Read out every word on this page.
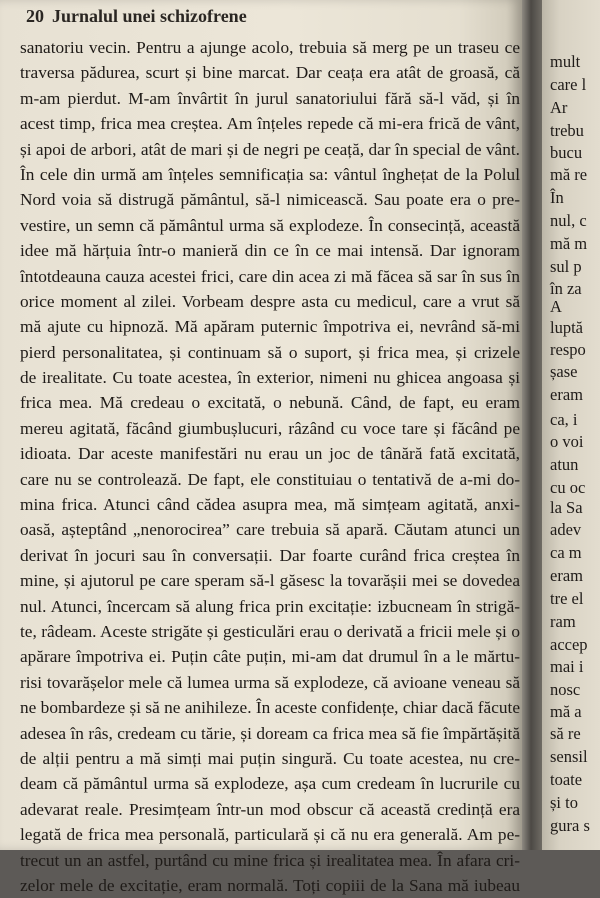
20 Jurnalul unei schizofrene
sanatoriu vecin. Pentru a ajunge acolo, trebuia să merg pe un traseu ce
traversa pădurea, scurt și bine marcat. Dar ceața era atât de groasă, că
m-am pierdut. M-am învârtit în jurul sanatoriului fără să-l văd, și în
acest timp, frica mea creștea. Am înțeles repede că mi-era frică de vânt,
și apoi de arbori, atât de mari și de negri pe ceață, dar în special de vânt.
În cele din urmă am înțeles semnificația sa: vântul înghețat de la Polul
Nord voia să distrugă pământul, să-l nimicească. Sau poate era o pre-
vestire, un semn că pământul urma să explodeze. În consecință, această
idee mă hărțuia într-o manieră din ce în ce mai intensă. Dar ignoram
întotdeauna cauza acestei frici, care din acea zi mă făcea să sar în sus în
orice moment al zilei. Vorbeam despre asta cu medicul, care a vrut să
mă ajute cu hipnoză. Mă apăram puternic împotriva ei, nevrând să-mi
pierd personalitatea, și continuam să o suport, și frica mea, și crizele
de irealitate. Cu toate acestea, în exterior, nimeni nu ghicea angoasa și
frica mea. Mă credeau o excitată, o nebună. Când, de fapt, eu eram
mereu agitată, făcând giumbușlucuri, râzând cu voce tare și făcând pe
idioata. Dar aceste manifestări nu erau un joc de tânără fată excitată,
care nu se controlează. De fapt, ele constituiau o tentativă de a-mi do-
mina frica. Atunci când cădea asupra mea, mă simțeam agitată, anxi-
oasă, așteptând „nenorocirea” care trebuia să apară. Căutam atunci un
derivat în jocuri sau în conversații. Dar foarte curând frica creștea în
mine, și ajutorul pe care speram să-l găsesc la tovarășii mei se dovedea
nul. Atunci, încercam să alung frica prin excitație: izbucneam în strigă-
te, râdeam. Aceste strigăte și gesticulări erau o derivată a fricii mele și o
apărare împotriva ei. Puțin câte puțin, mi-am dat drumul în a le mărtu-
risi tovarășelor mele că lumea urma să explodeze, că avioane veneau să
ne bombardeze și să ne anihileze. În aceste confidențe, chiar dacă făcute
adesea în râs, credeam cu tărie, și doream ca frica mea să fie împărtășită
de alții pentru a mă simți mai puțin singură. Cu toate acestea, nu cre-
deam că pământul urma să explodeze, așa cum credeam în lucrurile cu
adevarat reale. Presimțeam într-un mod obscur că această credință era
legată de frica mea personală, particulară și că nu era generală. Am pe-
trecut un an astfel, purtând cu mine frica și irealitatea mea. În afara cri-
zelor mele de excitație, eram normală. Toți copiii de la Sana mă iubeau
mult
care l
Ar
trebu
bucu
mă re
În
nul, c
mă m
sul p
în za
A
luptă
respo
șase
eram
ca, i
o voi
atun
cu oc
la Sa
adev
ca m
eram
tre el
ram
accep
mai i
nosc
mă a
să re
sensil
toate
și to
gura s
